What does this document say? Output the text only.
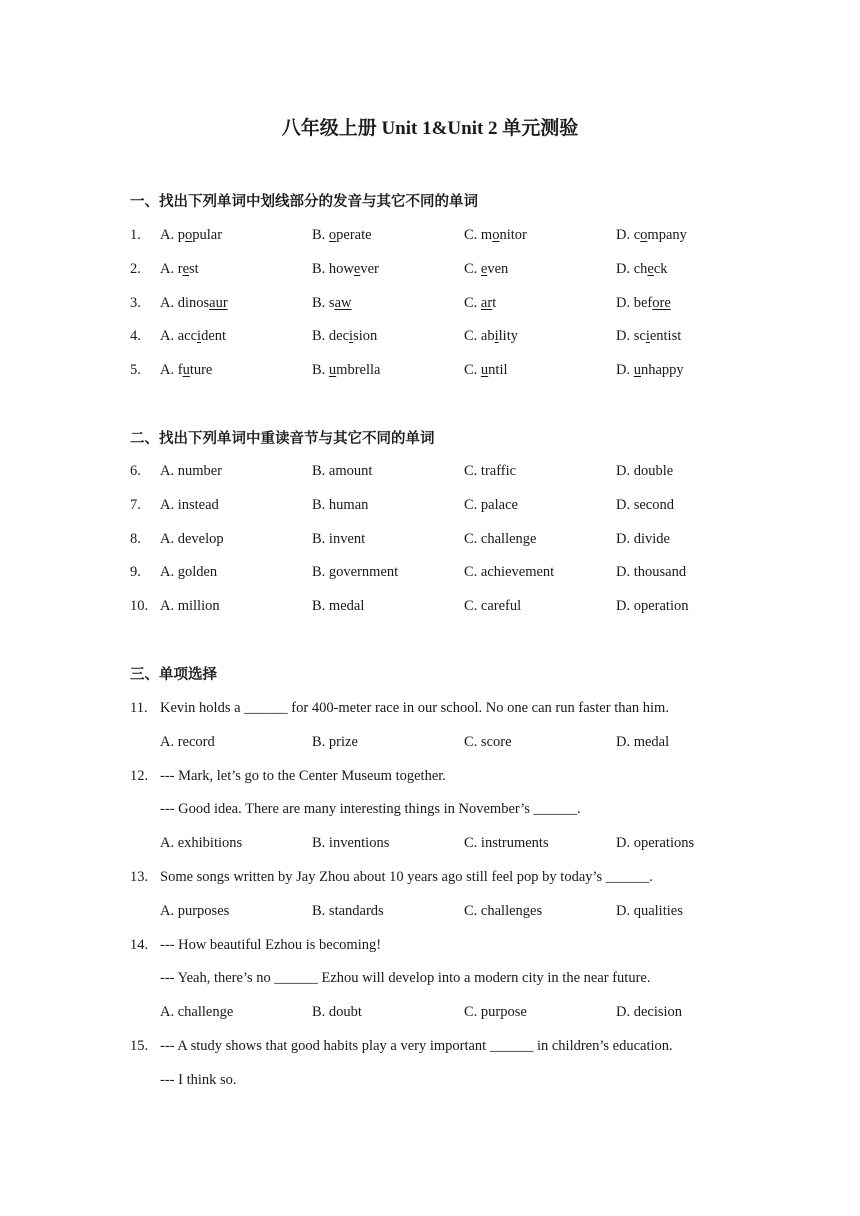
八年级上册 Unit 1&Unit 2 单元测验
一、找出下列单词中划线部分的发音与其它不同的单词
1. A. popular	B. operate	C. monitor	D. company
2. A. rest	B. however	C. even	D. check
3. A. dinosaur	B. saw	C. art	D. before
4. A. accident	B. decision	C. ability	D. scientist
5. A. future	B. umbrella	C. until	D. unhappy
二、找出下列单词中重读音节与其它不同的单词
6. A. number	B. amount	C. traffic	D. double
7. A. instead	B. human	C. palace	D. second
8. A. develop	B. invent	C. challenge	D. divide
9. A. golden	B. government	C. achievement	D. thousand
10. A. million	B. medal	C. careful	D. operation
三、单项选择
11. Kevin holds a ______ for 400-meter race in our school. No one can run faster than him.
A. record	B. prize	C. score	D. medal
12. --- Mark, let’s go to the Center Museum together.
--- Good idea. There are many interesting things in November’s ______.
A. exhibitions	B. inventions	C. instruments	D. operations
13. Some songs written by Jay Zhou about 10 years ago still feel pop by today’s ______.
A. purposes	B. standards	C. challenges	D. qualities
14. --- How beautiful Ezhou is becoming!
--- Yeah, there’s no ______ Ezhou will develop into a modern city in the near future.
A. challenge	B. doubt	C. purpose	D. decision
15. --- A study shows that good habits play a very important ______ in children’s education.
--- I think so.
